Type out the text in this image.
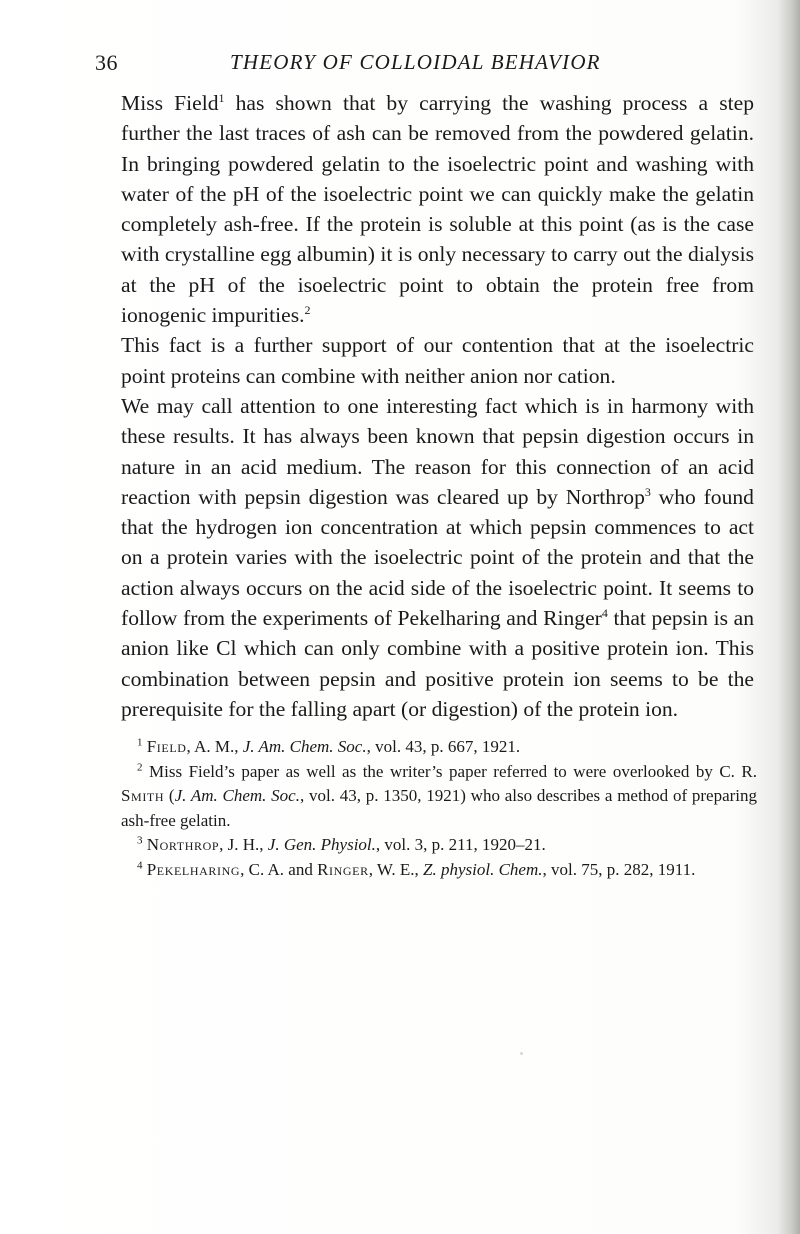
36	THEORY OF COLLOIDAL BEHAVIOR

Miss Field$^1$ has shown that by carrying the washing process a step further the last traces of ash can be removed from the powdered gelatin. In bringing powdered gelatin to the isoelectric point and washing with water of the pH of the isoelectric point we can quickly make the gelatin completely ash-free. If the protein is soluble at this point (as is the case with crystalline egg albumin) it is only necessary to carry out the dialysis at the pH of the isoelectric point to obtain the protein free from ionogenic impurities.$^2$

This fact is a further support of our contention that at the isoelectric point proteins can combine with neither anion nor cation.

We may call attention to one interesting fact which is in harmony with these results. It has always been known that pepsin digestion occurs in nature in an acid medium. The reason for this connection of an acid reaction with pepsin digestion was cleared up by Northrop$^3$ who found that the hydrogen ion concentration at which pepsin commences to act on a protein varies with the isoelectric point of the protein and that the action always occurs on the acid side of the isoelectric point. It seems to follow from the experiments of Pekelharing and Ringer$^4$ that pepsin is an anion like Cl which can only combine with a positive protein ion. This combination between pepsin and positive protein ion seems to be the prerequisite for the falling apart (or digestion) of the protein ion.

$^1$ Field, A. M., J. Am. Chem. Soc., vol. 43, p. 667, 1921.

$^2$ Miss Field’s paper as well as the writer’s paper referred to were overlooked by C. R. Smith (J. Am. Chem. Soc., vol. 43, p. 1350, 1921) who also describes a method of preparing ash-free gelatin.

$^3$ Northrop, J. H., J. Gen. Physiol., vol. 3, p. 211, 1920–21.

$^4$ Pekelharing, C. A. and Ringer, W. E., Z. physiol. Chem., vol. 75, p. 282, 1911.
